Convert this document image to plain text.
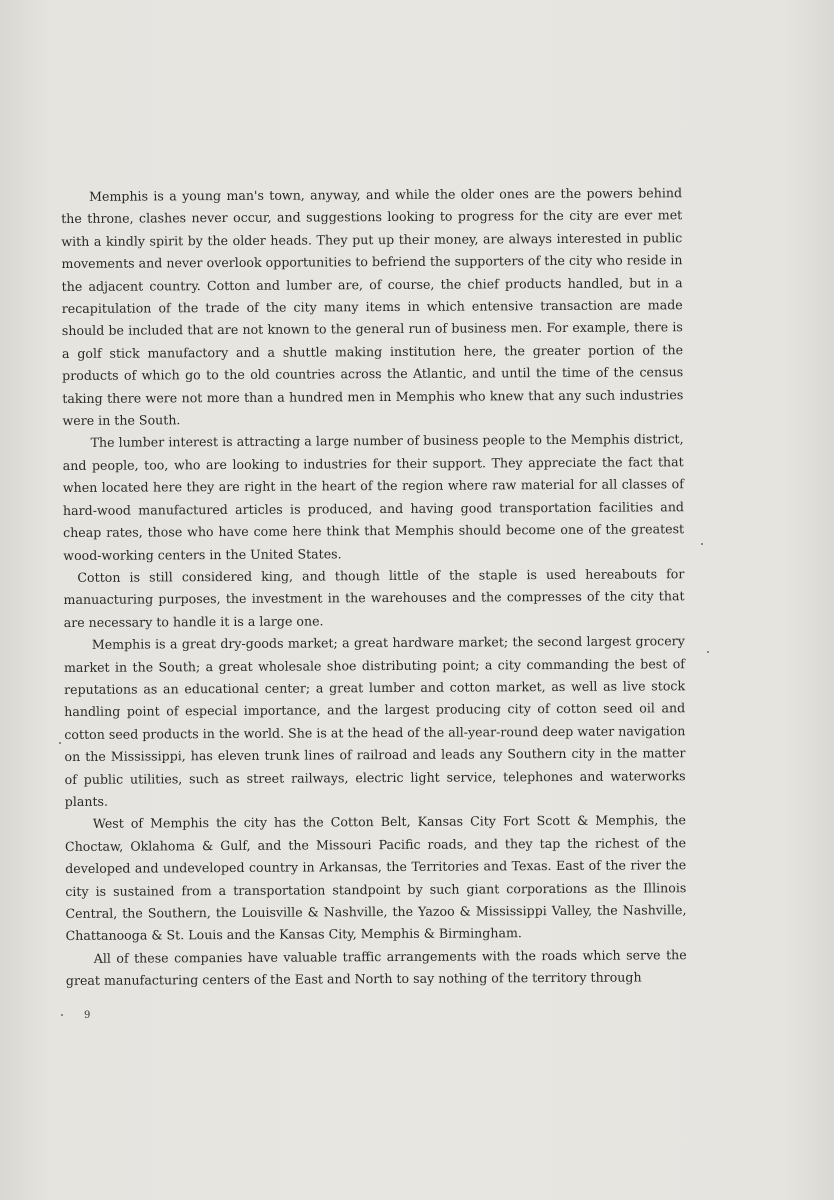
Memphis is a young man's town, anyway, and while the older ones are the powers behind the throne, clashes never occur, and suggestions looking to progress for the city are ever met with a kindly spirit by the older heads. They put up their money, are always interested in public movements and never overlook opportunities to befriend the supporters of the city who reside in the adjacent country. Cotton and lumber are, of course, the chief products handled, but in a recapitulation of the trade of the city many items in which entensive transaction are made should be included that are not known to the general run of business men. For example, there is a golf stick manufactory and a shuttle making institution here, the greater portion of the products of which go to the old countries across the Atlantic, and until the time of the census taking there were not more than a hundred men in Memphis who knew that any such industries were in the South.

The lumber interest is attracting a large number of business people to the Memphis district, and people, too, who are looking to industries for their support. They appreciate the fact that when located here they are right in the heart of the region where raw material for all classes of hard-wood manufactured articles is produced, and having good transportation facilities and cheap rates, those who have come here think that Memphis should become one of the greatest wood-working centers in the United States.

Cotton is still considered king, and though little of the staple is used hereabouts for manuacturing purposes, the investment in the warehouses and the compresses of the city that are necessary to handle it is a large one.

Memphis is a great dry-goods market; a great hardware market; the second largest grocery market in the South; a great wholesale shoe distributing point; a city commanding the best of reputations as an educational center; a great lumber and cotton market, as well as live stock handling point of especial importance, and the largest producing city of cotton seed oil and cotton seed products in the world. She is at the head of the all-year-round deep water navigation on the Mississippi, has eleven trunk lines of railroad and leads any Southern city in the matter of public utilities, such as street railways, electric light service, telephones and waterworks plants.

West of Memphis the city has the Cotton Belt, Kansas City Fort Scott & Memphis, the Choctaw, Oklahoma & Gulf, and the Missouri Pacific roads, and they tap the richest of the developed and undeveloped country in Arkansas, the Territories and Texas. East of the river the city is sustained from a transportation standpoint by such giant corporations as the Illinois Central, the Southern, the Louisville & Nashville, the Yazoo & Mississippi Valley, the Nashville, Chattanooga & St. Louis and the Kansas City, Memphis & Birmingham.

All of these companies have valuable traffic arrangements with the roads which serve the great manufacturing centers of the East and North to say nothing of the territory through

9
